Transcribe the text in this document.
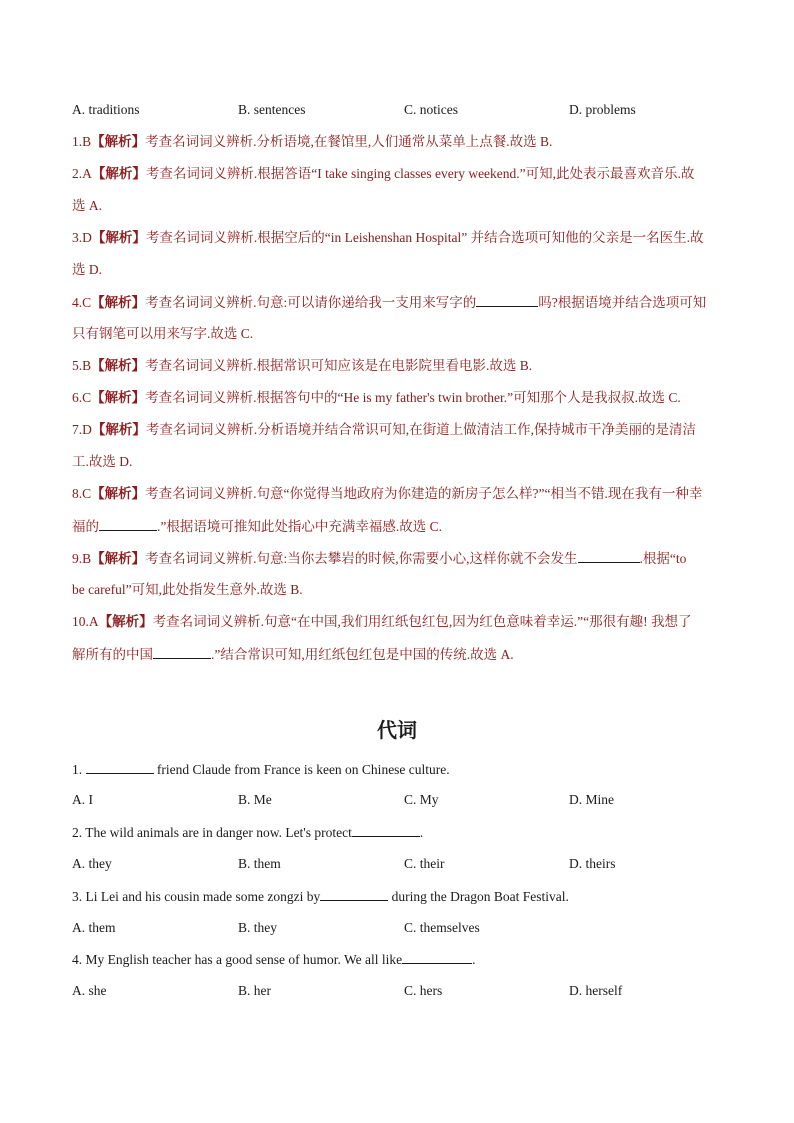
A. traditions	B. sentences	C. notices	D. problems
1.B【解析】考查名词词义辨析.分析语境,在餐馆里,人们通常从菜单上点餐.故选 B.
2.A【解析】考查名词词义辨析.根据答语“I take singing classes every weekend.”可知,此处表示最喜欢音乐.故
选 A.
3.D【解析】考查名词词义辨析.根据空后的“in Leishenshan Hospital” 并结合选项可知他的父亲是一名医生.故
选 D.
4.C【解析】考查名词词义辨析.句意:可以请你递给我一支用来写字的	吗?根据语境并结合选项可知
只有钢笔可以用来写字.故选 C.
5.B【解析】考查名词词义辨析.根据常识可知应该是在电影院里看电影.故选 B.
6.C【解析】考查名词词义辨析.根据答句中的“He is my father's twin brother.”可知那个人是我叔叔.故选 C.
7.D【解析】考查名词词义辨析.分析语境并结合常识可知,在街道上做清洁工作,保持城市干净美丽的是清洁
工.故选 D.
8.C【解析】考查名词词义辨析.句意“你觉得当地政府为你建造的新房子怎么样?”“相当不错.现在我有一种幸
福的	.”根据语境可推知此处指心中充满幸福感.故选 C.
9.B【解析】考查名词词义辨析.句意:当你去攀岩的时候,你需要小心,这样你就不会发生	.根据“to
be careful”可知,此处指发生意外.故选 B.
10.A【解析】考查名词词义辨析.句意“在中国,我们用红纸包红包,因为红色意味着幸运.”“那很有趣! 我想了
解所有的中国	.”结合常识可知,用红纸包红包是中国的传统.故选 A.
代词
1.	friend Claude from France is keen on Chinese culture.
A. I	B. Me	C. My	D. Mine
2. The wild animals are in danger now. Let's protect	.
A. they	B. them	C. their	D. theirs
3. Li Lei and his cousin made some zongzi by	during the Dragon Boat Festival.
A. them	B. they	C. themselves
4. My English teacher has a good sense of humor. We all like	.
A. she	B. her	C. hers	D. herself
